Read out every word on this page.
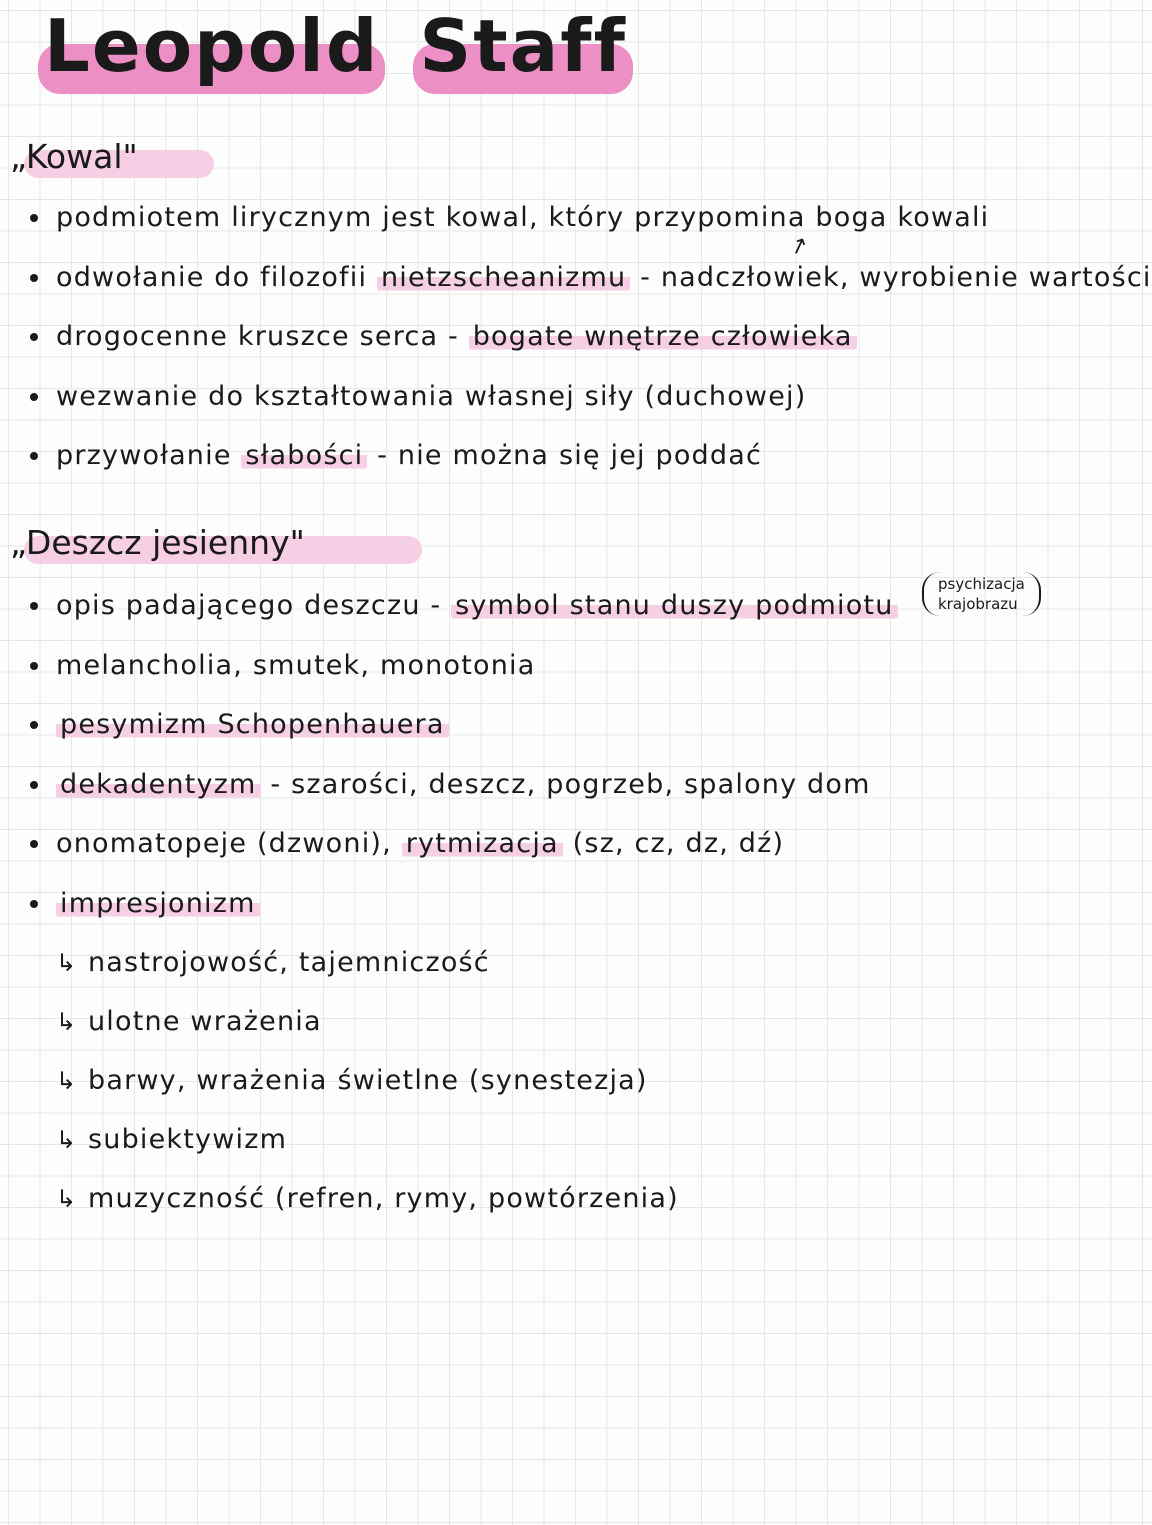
Leopold Staff
„Kowal"
podmiotem lirycznym jest kowal, który przypomina boga kowali
odwołanie do filozofii nietzscheanizmu - nadczłowiek, wyrobienie wartości
drogocenne kruszce serca - bogate wnętrze człowieka
wezwanie do kształtowania własnej siły (duchowej)
przywołanie słabości - nie można się jej poddać
↗
„Deszcz jesienny"
opis padającego deszczu - symbol stanu duszy podmiotu
melancholia, smutek, monotonia
pesymizm Schopenhauera
dekadentyzm - szarości, deszcz, pogrzeb, spalony dom
onomatopeje (dzwoni), rytmizacja (sz, cz, dz, dź)
impresjonizm
psychizacja
krajobrazu
↳ nastrojowość, tajemniczość
↳ ulotne wrażenia
↳ barwy, wrażenia świetlne (synestezja)
↳ subiektywizm
↳ muzyczność (refren, rymy, powtórzenia)
